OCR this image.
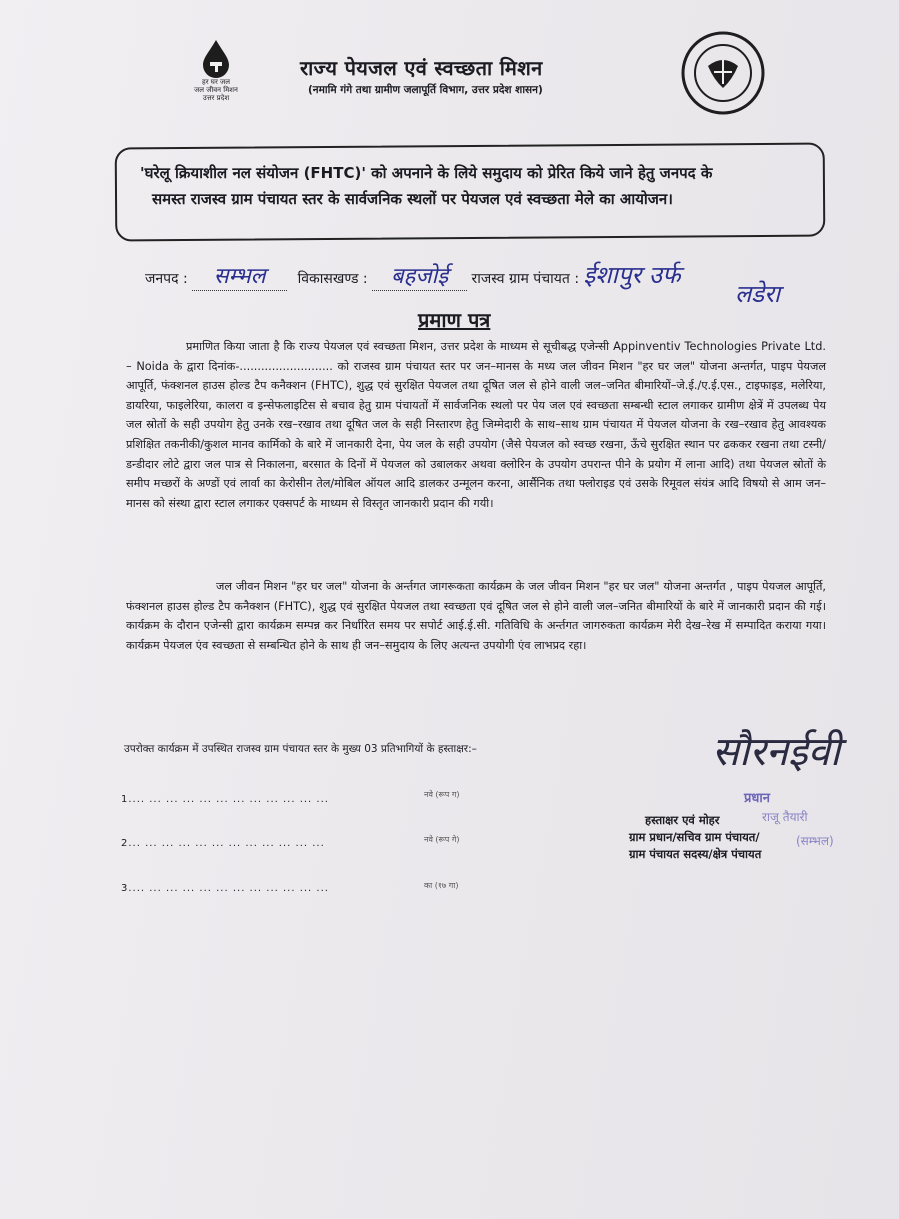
हर घर जल
जल जीवन मिशन
उत्तर प्रदेश
राज्य पेयजल एवं स्वच्छता मिशन
(नमामि गंगे तथा ग्रामीण जलापूर्ति विभाग, उत्तर प्रदेश शासन)
'घरेलू क्रियाशील नल संयोजन (FHTC)' को अपनाने के लिये समुदाय को प्रेरित किये जाने हेतु जनपद के
समस्त राजस्व ग्राम पंचायत स्तर के सार्वजनिक स्थलों पर पेयजल एवं स्वच्छता मेले का आयोजन।
जनपद : सम्भल विकासखण्ड : बहजोई राजस्व ग्राम पंचायत : ईशापुर उर्फ
लडेरा
प्रमाण पत्र
प्रमाणित किया जाता है कि राज्य पेयजल एवं स्वच्छता मिशन, उत्तर प्रदेश के माध्यम से सूचीबद्ध एजेन्सी Appinventiv Technologies Private Ltd. – Noida के द्वारा दिनांक-.......................... को राजस्व ग्राम पंचायत स्तर पर जन–मानस के मध्य जल जीवन मिशन "हर घर जल" योजना अन्तर्गत, पाइप पेयजल आपूर्ति, फंक्शनल हाउस होल्ड टैप कनैक्शन (FHTC), शुद्ध एवं सुरक्षित पेयजल तथा दूषित जल से होने वाली जल–जनित बीमारियों–जे.ई./ए.ई.एस., टाइफाइड, मलेरिया, डायरिया, फाइलेरिया, कालरा व इन्सेफलाइटिस से बचाव हेतु ग्राम पंचायतों में सार्वजनिक स्थलो पर पेय जल एवं स्वच्छता सम्बन्धी स्टाल लगाकर ग्रामीण क्षेत्रें में उपलब्ध पेय जल स्रोतों के सही उपयोग हेतु उनके रख–रखाव तथा दूषित जल के सही निस्तारण हेतु जिम्मेदारी के साथ–साथ ग्राम पंचायत में पेयजल योजना के रख–रखाव हेतु आवश्यक प्रशिक्षित तकनीकी/कुशल मानव कार्मिको के बारे में जानकारी देना, पेय जल के सही उपयोग (जैसे पेयजल को स्वच्छ रखना, ऊँचे सुरक्षित स्थान पर ढककर रखना तथा टस्नी/डन्डीदार लोटे द्वारा जल पात्र से निकालना, बरसात के दिनों में पेयजल को उबालकर अथवा क्लोरिन के उपयोग उपरान्त पीने के प्रयोग में लाना आदि) तथा पेयजल स्रोतों के समीप मच्छरों के अण्डों एवं लार्वा का केरोसीन तेल/मोबिल ऑयल आदि डालकर उन्मूलन करना, आर्सैनिक तथा फ्लोराइड एवं उसके रिमूवल संयंत्र आदि विषयो से आम जन–मानस को संस्था द्वारा स्टाल लगाकर एक्सपर्ट के माध्यम से विस्तृत जानकारी प्रदान की गयी।
जल जीवन मिशन "हर घर जल" योजना के अर्न्तगत जागरूकता कार्यक्रम के जल जीवन मिशन "हर घर जल" योजना अन्तर्गत , पाइप पेयजल आपूर्ति, फंक्शनल हाउस होल्ड टैप कनैक्शन (FHTC), शुद्ध एवं सुरक्षित पेयजल तथा स्वच्छता एवं दूषित जल से होने वाली जल–जनित बीमारियों के बारे में जानकारी प्रदान की गई। कार्यक्रम के दौरान एजेन्सी द्वारा कार्यक्रम सम्पन्न कर निर्धारित समय पर सपोर्ट आई.ई.सी. गतिविधि के अर्न्तगत जागरुकता कार्यक्रम मेरी देख–रेख में सम्पादित कराया गया। कार्यक्रम पेयजल एंव स्वच्छता से सम्बन्धित होने के साथ ही जन–समुदाय के लिए अत्यन्त उपयोगी एंव लाभप्रद रहा।
उपरोक्त कार्यक्रम में उपस्थित राजस्व ग्राम पंचायत स्तर के मुख्य 03 प्रतिभागियों के हस्ताक्षर:–
1.... ... ... ... ... ... ... ... ... ... ... ...
2... ... ... ... ... ... ... ... ... ... ... ...
3.... ... ... ... ... ... ... ... ... ... ... ...
नवे (रूप ग)
नवे (रूप गे)
का (१७ गा)
सौरनईवी
प्रधान
राजू तैयारी
(सम्भल)
हस्ताक्षर एवं मोहर
ग्राम प्रधान/सचिव ग्राम पंचायत/
ग्राम पंचायत सदस्य/क्षेत्र पंचायत
